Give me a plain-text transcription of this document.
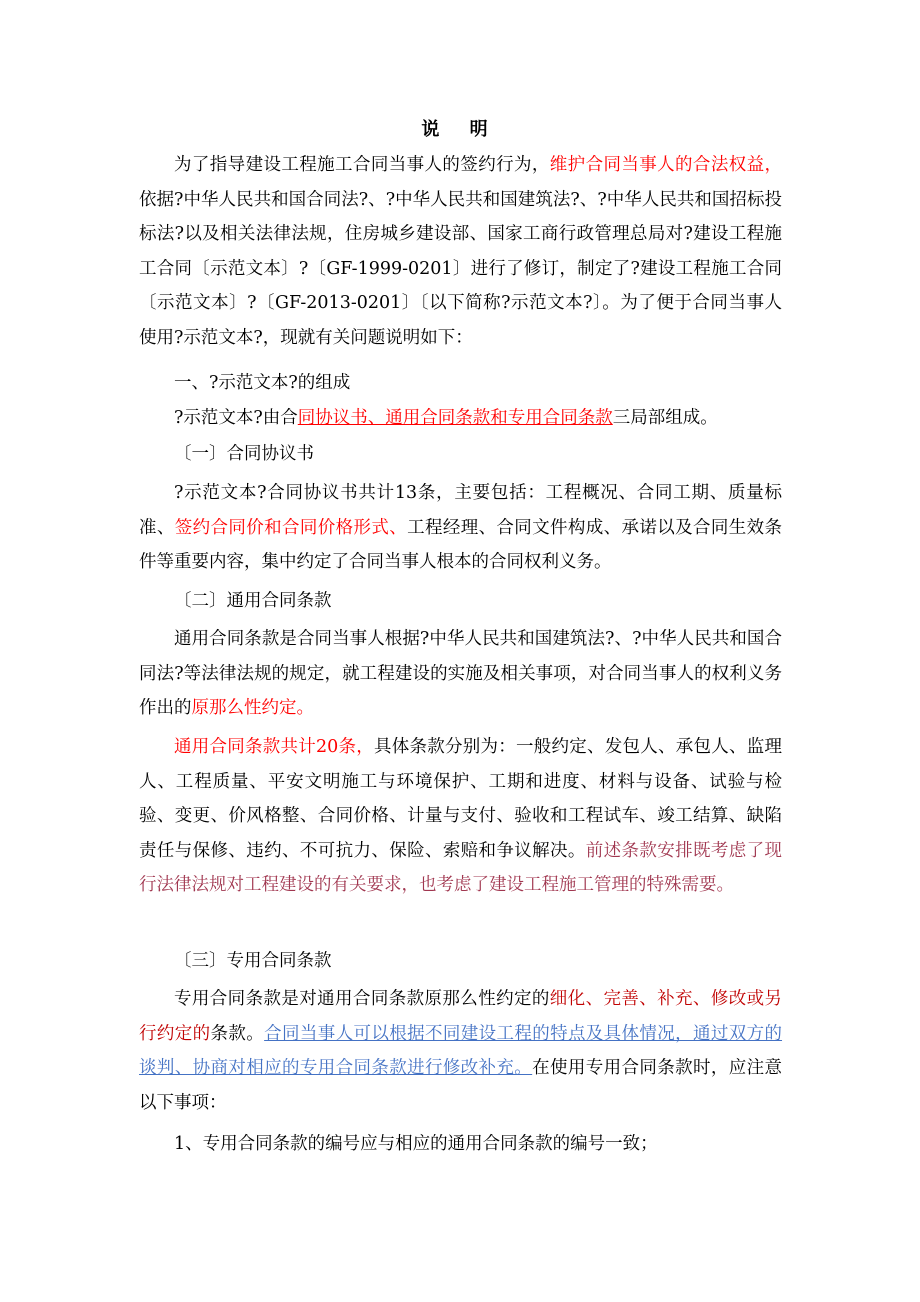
说 明

为了指导建设工程施工合同当事人的签约行为，维护合同当事人的合法权益，依据?中华人民共和国合同法?、?中华人民共和国建筑法?、?中华人民共和国招标投标法?以及相关法律法规，住房城乡建设部、国家工商行政管理总局对?建设工程施工合同〔示范文本〕?〔GF-1999-0201〕进行了修订，制定了?建设工程施工合同〔示范文本〕?〔GF-2013-0201〕〔以下简称?示范文本?〕。为了便于合同当事人使用?示范文本?，现就有关问题说明如下：

一、?示范文本?的组成

?示范文本?由合同协议书、通用合同条款和专用合同条款三局部组成。

〔一〕合同协议书

?示范文本?合同协议书共计13条，主要包括：工程概况、合同工期、质量标准、签约合同价和合同价格形式、工程经理、合同文件构成、承诺以及合同生效条件等重要内容，集中约定了合同当事人根本的合同权利义务。

〔二〕通用合同条款

通用合同条款是合同当事人根据?中华人民共和国建筑法?、?中华人民共和国合同法?等法律法规的规定，就工程建设的实施及相关事项，对合同当事人的权利义务作出的原那么性约定。

通用合同条款共计20条，具体条款分别为：一般约定、发包人、承包人、监理人、工程质量、平安文明施工与环境保护、工期和进度、材料与设备、试验与检验、变更、价风格整、合同价格、计量与支付、验收和工程试车、竣工结算、缺陷责任与保修、违约、不可抗力、保险、索赔和争议解决。前述条款安排既考虑了现行法律法规对工程建设的有关要求，也考虑了建设工程施工管理的特殊需要。

〔三〕专用合同条款

专用合同条款是对通用合同条款原那么性约定的细化、完善、补充、修改或另行约定的条款。合同当事人可以根据不同建设工程的特点及具体情况，通过双方的谈判、协商对相应的专用合同条款进行修改补充。在使用专用合同条款时，应注意以下事项：

1、专用合同条款的编号应与相应的通用合同条款的编号一致；
